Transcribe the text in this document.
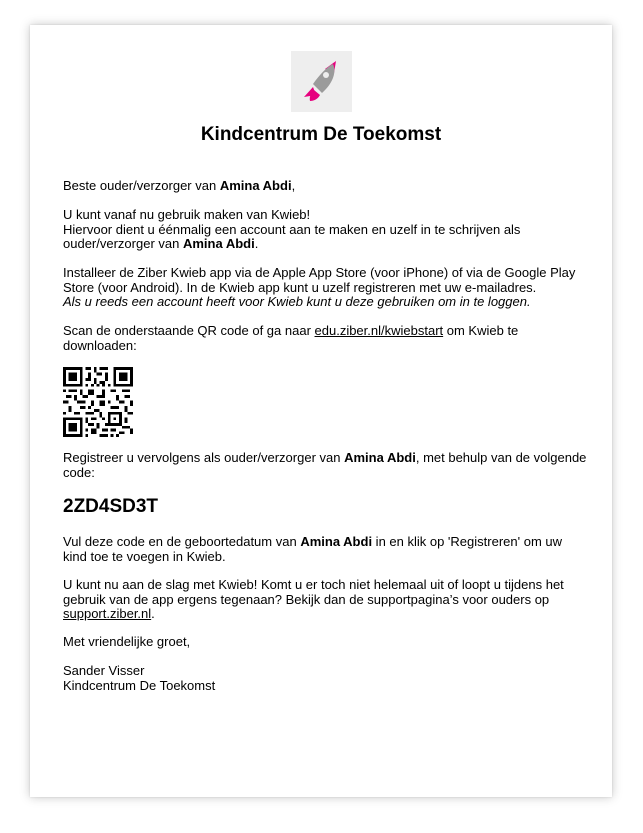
Kindcentrum De Toekomst

Beste ouder/verzorger van Amina Abdi,

U kunt vanaf nu gebruik maken van Kwieb!

Hiervoor dient u éénmalig een account aan te maken en uzelf in te schrijven als ouder/verzorger van Amina Abdi.

Installeer de Ziber Kwieb app via de Apple App Store (voor iPhone) of via de Google Play Store (voor Android). In de Kwieb app kunt u uzelf registreren met uw e-mailadres.

Als u reeds een account heeft voor Kwieb kunt u deze gebruiken om in te loggen.

Scan de onderstaande QR code of ga naar edu.ziber.nl/kwiebstart om Kwieb te downloaden:

Registreer u vervolgens als ouder/verzorger van Amina Abdi, met behulp van de volgende code:

2ZD4SD3T

Vul deze code en de geboortedatum van Amina Abdi in en klik op 'Registreren' om uw kind toe te voegen in Kwieb.

U kunt nu aan de slag met Kwieb! Komt u er toch niet helemaal uit of loopt u tijdens het gebruik van de app ergens tegenaan? Bekijk dan de supportpagina’s voor ouders op support.ziber.nl.

Met vriendelijke groet,

Sander Visser

Kindcentrum De Toekomst
